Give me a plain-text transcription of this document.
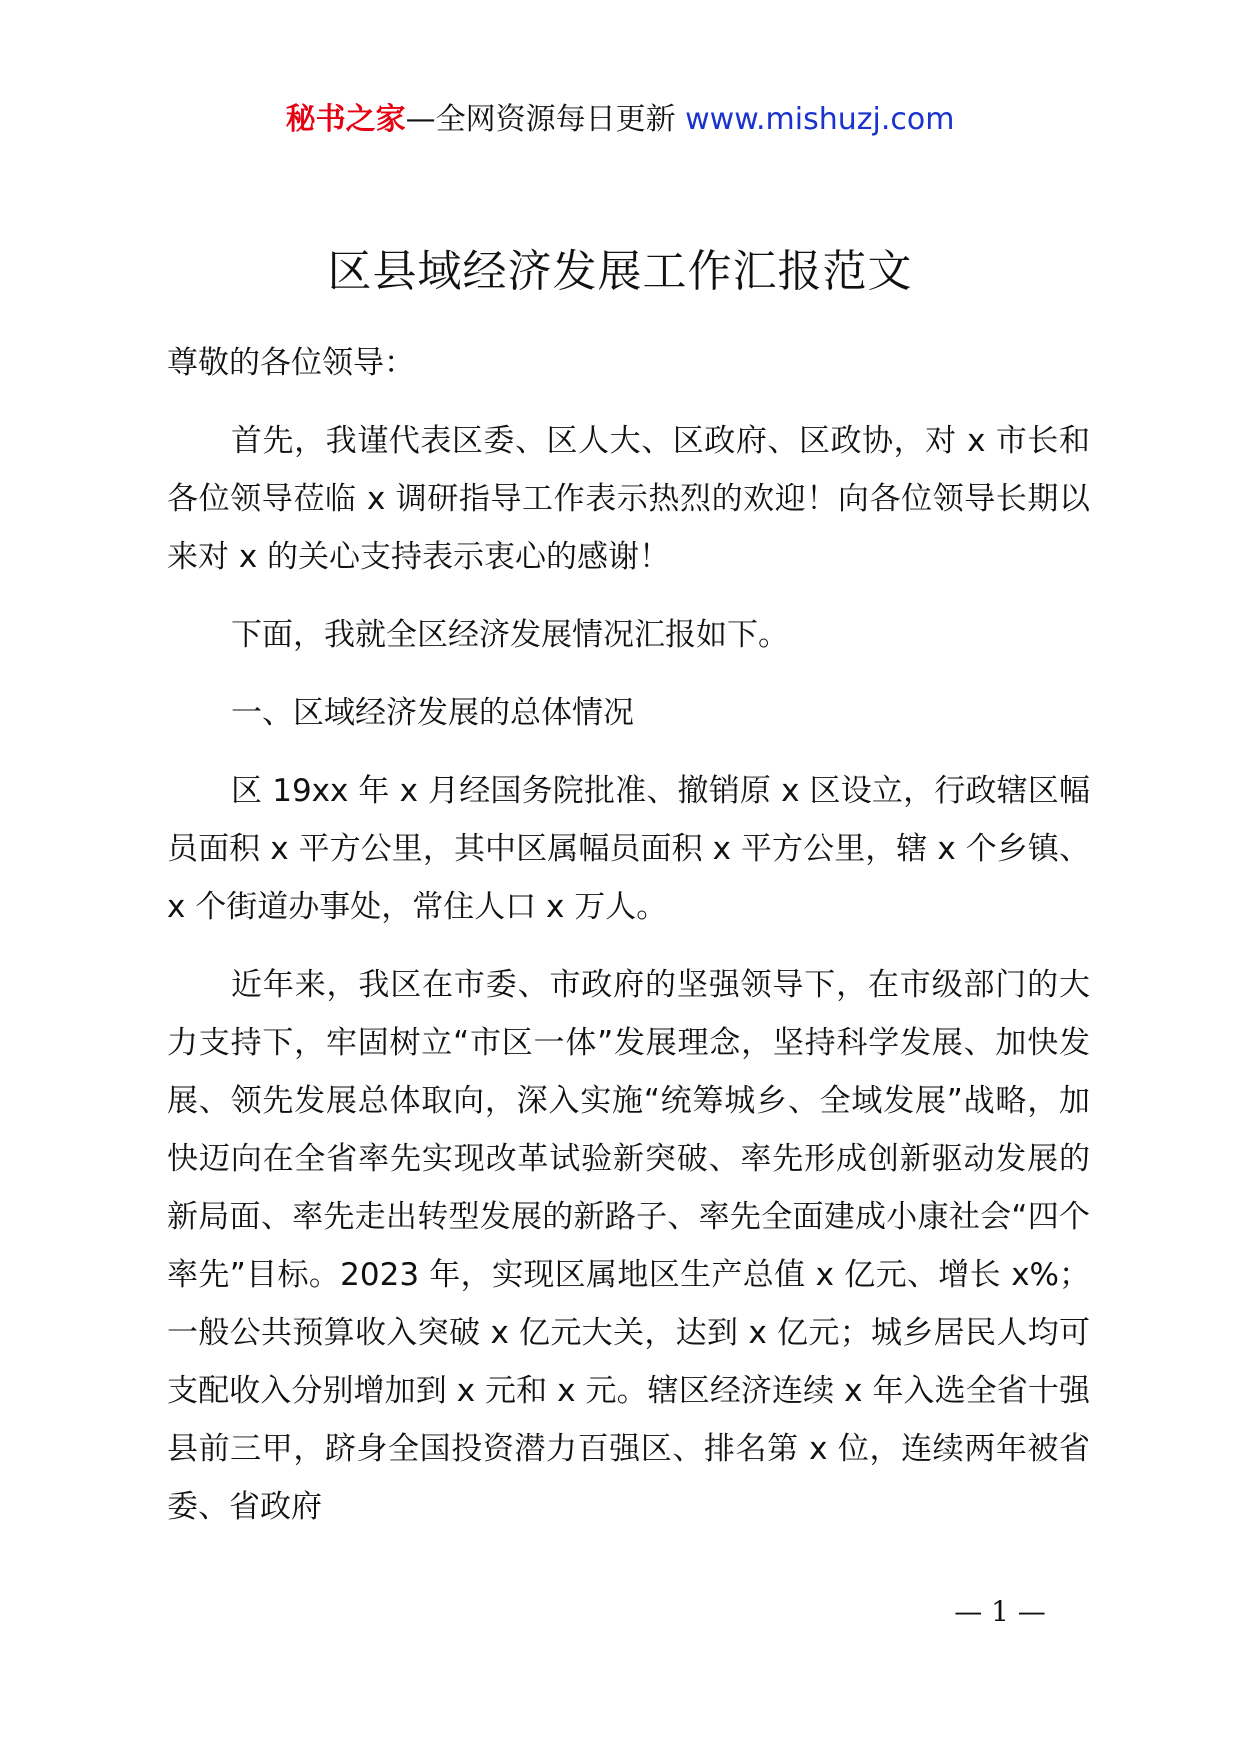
秘书之家—全网资源每日更新 www.mishuzj.com
区县域经济发展工作汇报范文

尊敬的各位领导：

首先，我谨代表区委、区人大、区政府、区政协，对 x 市长和各位领导莅临 x 调研指导工作表示热烈的欢迎！向各位领导长期以来对 x 的关心支持表示衷心的感谢！

下面，我就全区经济发展情况汇报如下。

一、区域经济发展的总体情况

区 19xx 年 x 月经国务院批准、撤销原 x 区设立，行政辖区幅员面积 x 平方公里，其中区属幅员面积 x 平方公里，辖 x 个乡镇、x 个街道办事处，常住人口 x 万人。

近年来，我区在市委、市政府的坚强领导下，在市级部门的大力支持下，牢固树立“市区一体”发展理念，坚持科学发展、加快发展、领先发展总体取向，深入实施“统筹城乡、全域发展”战略，加快迈向在全省率先实现改革试验新突破、率先形成创新驱动发展的新局面、率先走出转型发展的新路子、率先全面建成小康社会“四个率先”目标。2023 年，实现区属地区生产总值 x 亿元、增长 x%；一般公共预算收入突破 x 亿元大关，达到 x 亿元；城乡居民人均可支配收入分别增加到 x 元和 x 元。辖区经济连续 x 年入选全省十强县前三甲，跻身全国投资潜力百强区、排名第 x 位，连续两年被省委、省政府

— 1 —
